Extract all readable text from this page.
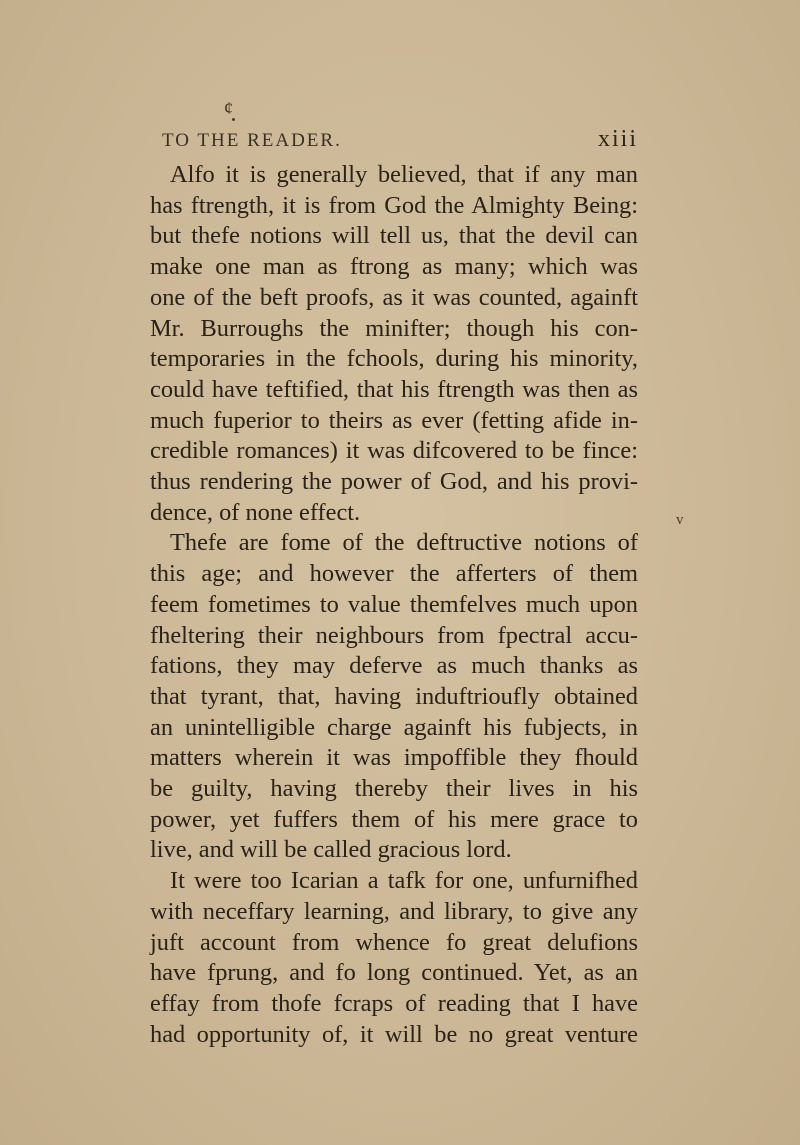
¢
TO THE READER.	xiii
Alfo it is generally believed, that if any man
has ftrength, it is from God the Almighty Being:
but thefe notions will tell us, that the devil can
make one man as ftrong as many; which was
one of the beft proofs, as it was counted, againft
Mr. Burroughs the minifter; though his con-
temporaries in the fchools, during his minority,
could have teftified, that his ftrength was then as
much fuperior to theirs as ever (fetting afide in-
credible romances) it was difcovered to be fince:
thus rendering the power of God, and his provi-
dence, of none effect.
Thefe are fome of the deftructive notions of
this age; and however the afferters of them
feem fometimes to value themfelves much upon
fheltering their neighbours from fpectral accu-
fations, they may deferve as much thanks as
that tyrant, that, having induftrioufly obtained
an unintelligible charge againft his fubjects, in
matters wherein it was impoffible they fhould
be guilty, having thereby their lives in his
power, yet fuffers them of his mere grace to
live, and will be called gracious lord.
It were too Icarian a tafk for one, unfurnifhed
with neceffary learning, and library, to give any
juft account from whence fo great delufions
have fprung, and fo long continued. Yet, as an
effay from thofe fcraps of reading that I have
had opportunity of, it will be no great venture
v
